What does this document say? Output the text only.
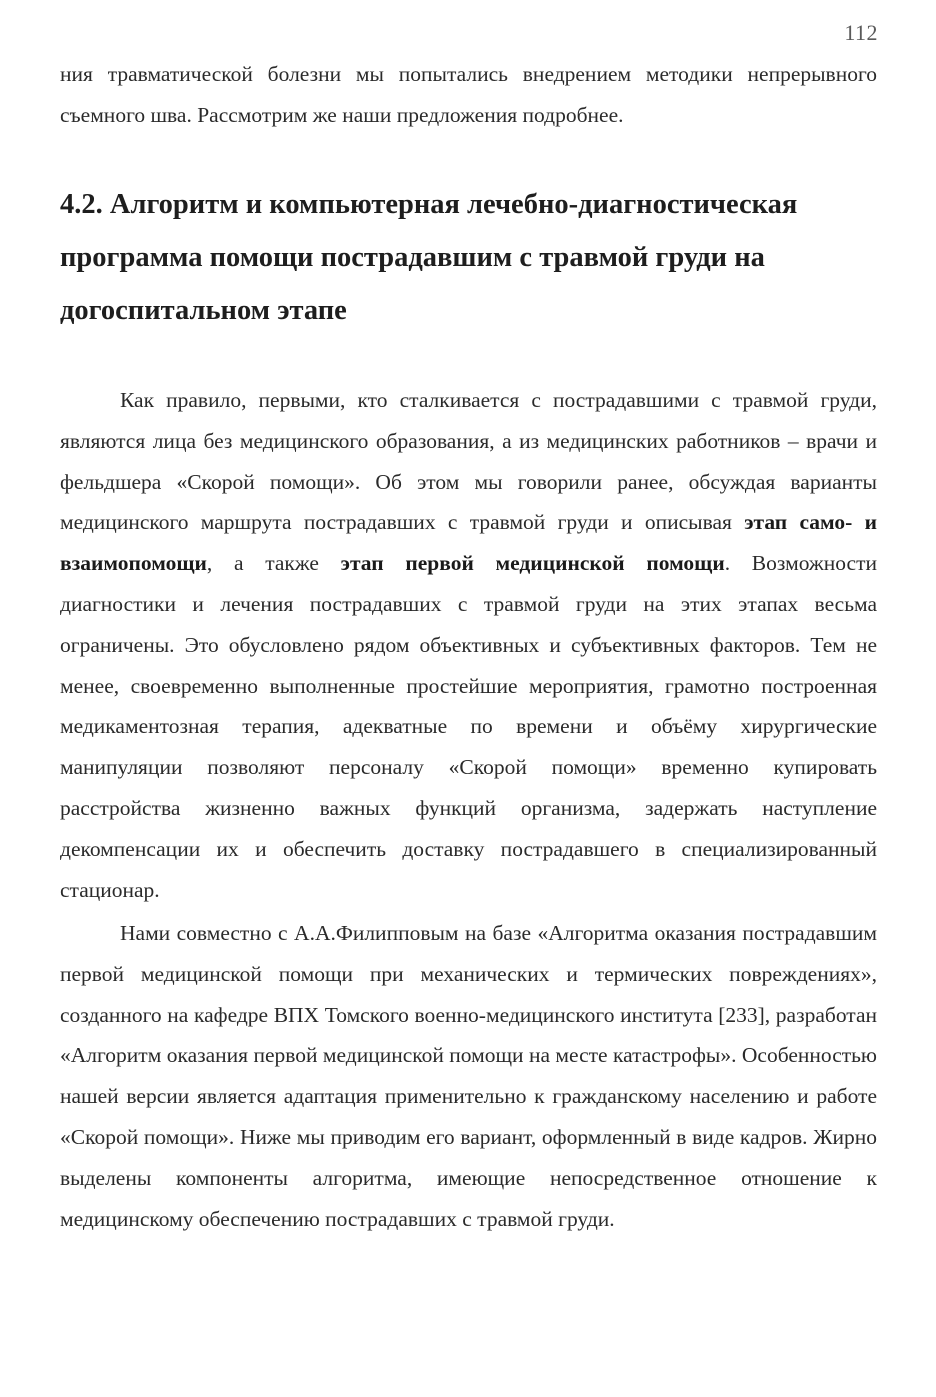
112

ния травматической болезни мы попытались внедрением методики непрерывного съемного шва. Рассмотрим же наши предложения подробнее.

4.2. Алгоритм и компьютерная лечебно-диагностическая программа помощи пострадавшим с травмой груди на догоспитальном этапе

Как правило, первыми, кто сталкивается с пострадавшими с травмой груди, являются лица без медицинского образования, а из медицинских работников – врачи и фельдшера «Скорой помощи». Об этом мы говорили ранее, обсуждая варианты медицинского маршрута пострадавших с травмой груди и описывая этап само- и взаимопомощи, а также этап первой медицинской помощи. Возможности диагностики и лечения пострадавших с травмой груди на этих этапах весьма ограничены. Это обусловлено рядом объективных и субъективных факторов. Тем не менее, своевременно выполненные простейшие мероприятия, грамотно построенная медикаментозная терапия, адекватные по времени и объёму хирургические манипуляции позволяют персоналу «Скорой помощи» временно купировать расстройства жизненно важных функций организма, задержать наступление декомпенсации их и обеспечить доставку пострадавшего в специализированный стационар.

Нами совместно с А.А.Филипповым на базе «Алгоритма оказания пострадавшим первой медицинской помощи при механических и термических повреждениях», созданного на кафедре ВПХ Томского военно-медицинского института [233], разработан «Алгоритм оказания первой медицинской помощи на месте катастрофы». Особенностью нашей версии является адаптация применительно к гражданскому населению и работе «Скорой помощи». Ниже мы приводим его вариант, оформленный в виде кадров. Жирно выделены компоненты алгоритма, имеющие непосредственное отношение к медицинскому обеспечению пострадавших с травмой груди.
